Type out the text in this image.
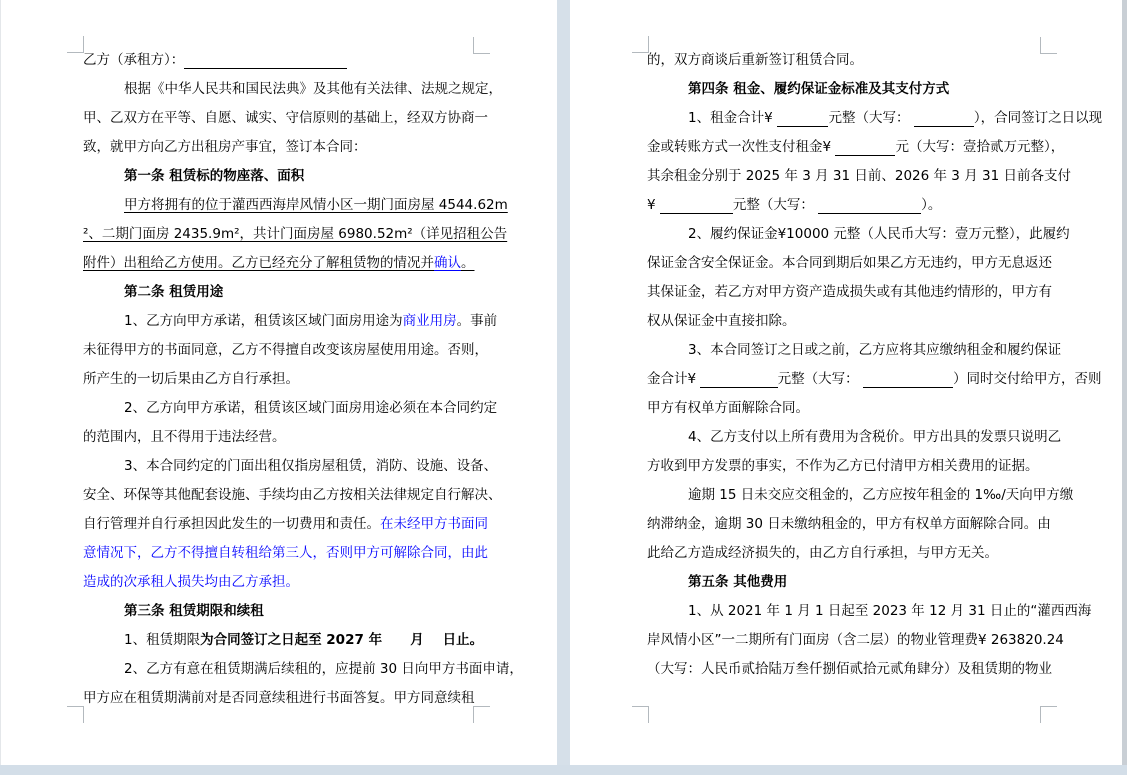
乙方（承租方）：
根据《中华人民共和国民法典》及其他有关法律、法规之规定，
甲、乙双方在平等、自愿、诚实、守信原则的基础上，经双方协商一
致，就甲方向乙方出租房产事宜，签订本合同：
第一条 租赁标的物座落、面积
甲方将拥有的位于灌西西海岸风情小区一期门面房屋 4544.62m
²、二期门面房 2435.9m²，共计门面房屋 6980.52m²（详见招租公告
附件）出租给乙方使用。乙方已经充分了解租赁物的情况并确认。
第二条 租赁用途
1、乙方向甲方承诺，租赁该区域门面房用途为商业用房。事前
未征得甲方的书面同意，乙方不得擅自改变该房屋使用用途。否则，
所产生的一切后果由乙方自行承担。
2、乙方向甲方承诺，租赁该区域门面房用途必须在本合同约定
的范围内，且不得用于违法经营。
3、本合同约定的门面出租仅指房屋租赁，消防、设施、设备、
安全、环保等其他配套设施、手续均由乙方按相关法律规定自行解决、
自行管理并自行承担因此发生的一切费用和责任。在未经甲方书面同
意情况下，乙方不得擅自转租给第三人，否则甲方可解除合同，由此
造成的次承租人损失均由乙方承担。
第三条 租赁期限和续租
1、租赁期限为合同签订之日起至 2027 年      月    日止。
2、乙方有意在租赁期满后续租的，应提前 30 日向甲方书面申请，
甲方应在租赁期满前对是否同意续租进行书面答复。甲方同意续租
的，双方商谈后重新签订租赁合同。
第四条 租金、履约保证金标准及其支付方式
1、租金合计¥	元整（大写：	），合同签订之日以现
金或转账方式一次性支付租金¥	元（大写：壹拾贰万元整），
其余租金分别于 2025 年 3 月 31 日前、2026 年 3 月 31 日前各支付
¥	元整（大写：	）。
2、履约保证金¥10000 元整（人民币大写：壹万元整），此履约
保证金含安全保证金。本合同到期后如果乙方无违约，甲方无息返还
其保证金，若乙方对甲方资产造成损失或有其他违约情形的，甲方有
权从保证金中直接扣除。
3、本合同签订之日或之前，乙方应将其应缴纳租金和履约保证
金合计¥	元整（大写：	）同时交付给甲方，否则
甲方有权单方面解除合同。
4、乙方支付以上所有费用为含税价。甲方出具的发票只说明乙
方收到甲方发票的事实，不作为乙方已付清甲方相关费用的证据。
逾期 15 日未交应交租金的，乙方应按年租金的 1‰/天向甲方缴
纳滞纳金，逾期 30 日未缴纳租金的，甲方有权单方面解除合同。由
此给乙方造成经济损失的，由乙方自行承担，与甲方无关。
第五条 其他费用
1、从 2021 年 1 月 1 日起至 2023 年 12 月 31 日止的“灌西西海
岸风情小区”一二期所有门面房（含二层）的物业管理费¥ 263820.24
（大写：人民币贰拾陆万叁仟捌佰贰拾元贰角肆分）及租赁期的物业
